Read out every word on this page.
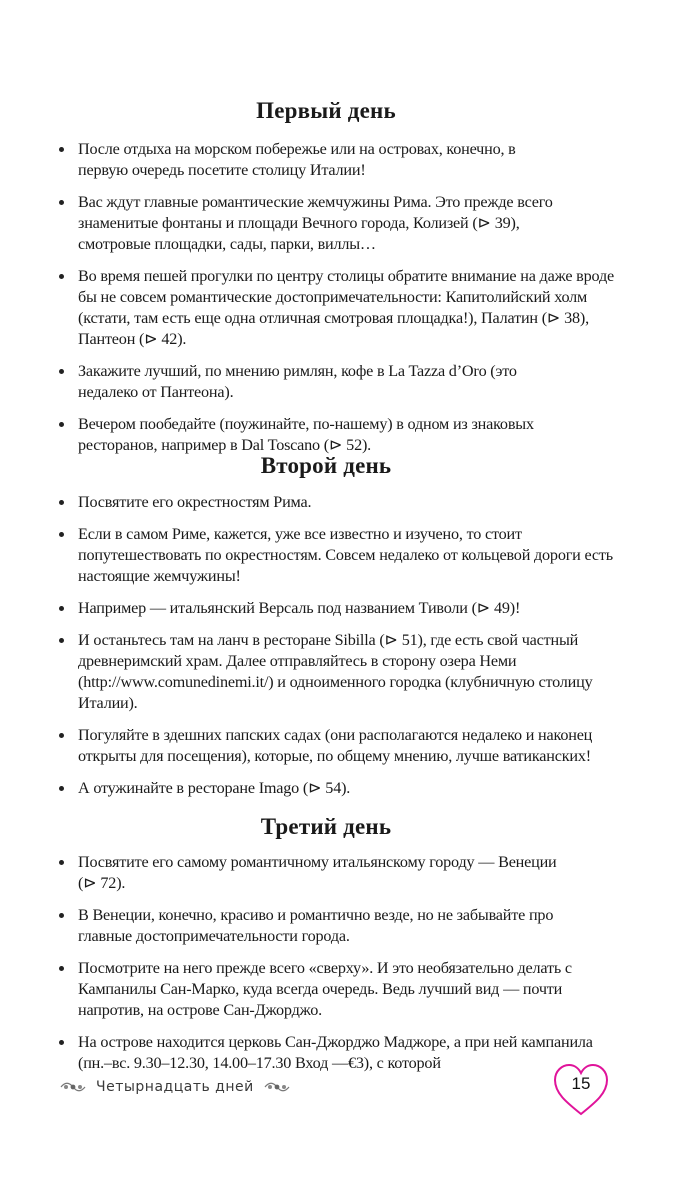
Первый день
После отдыха на морском побережье или на островах, конечно, в первую очередь посетите столицу Италии!
Вас ждут главные романтические жемчужины Рима. Это прежде всего знаменитые фонтаны и площади Вечного города, Колизей (⊳ 39), смотровые площадки, сады, парки, виллы…
Во время пешей прогулки по центру столицы обратите внимание на даже вроде бы не совсем романтические достопримечательности: Капитолийский холм (кстати, там есть еще одна отличная смотровая площадка!), Палатин (⊳ 38), Пантеон (⊳ 42).
Закажите лучший, по мнению римлян, кофе в La Tazza d’Oro (это недалеко от Пантеона).
Вечером пообедайте (поужинайте, по-нашему) в одном из знаковых ресторанов, например в Dal Toscano (⊳ 52).
Второй день
Посвятите его окрестностям Рима.
Если в самом Риме, кажется, уже все известно и изучено, то стоит попутешествовать по окрестностям. Совсем недалеко от кольцевой дороги есть настоящие жемчужины!
Например — итальянский Версаль под названием Тиволи (⊳ 49)!
И останьтесь там на ланч в ресторане Sibilla (⊳ 51), где есть свой частный древнеримский храм. Далее отправляйтесь в сторону озера Неми (http://www.comunedinemi.it/) и одноименного городка (клубничную столицу Италии).
Погуляйте в здешних папских садах (они располагаются недалеко и наконец открыты для посещения), которые, по общему мнению, лучше ватиканских!
А отужинайте в ресторане Imago (⊳ 54).
Третий день
Посвятите его самому романтичному итальянскому городу — Венеции (⊳ 72).
В Венеции, конечно, красиво и романтично везде, но не забывайте про главные достопримечательности города.
Посмотрите на него прежде всего «сверху». И это необязательно делать с Кампанилы Сан-Марко, куда всегда очередь. Ведь лучший вид — почти напротив, на острове Сан-Джорджо.
На острове находится церковь Сан-Джорджо Маджоре, а при ней кампанила (пн.–вс. 9.30–12.30, 14.00–17.30 Вход —€3), с которой
Четырнадцать дней	15
